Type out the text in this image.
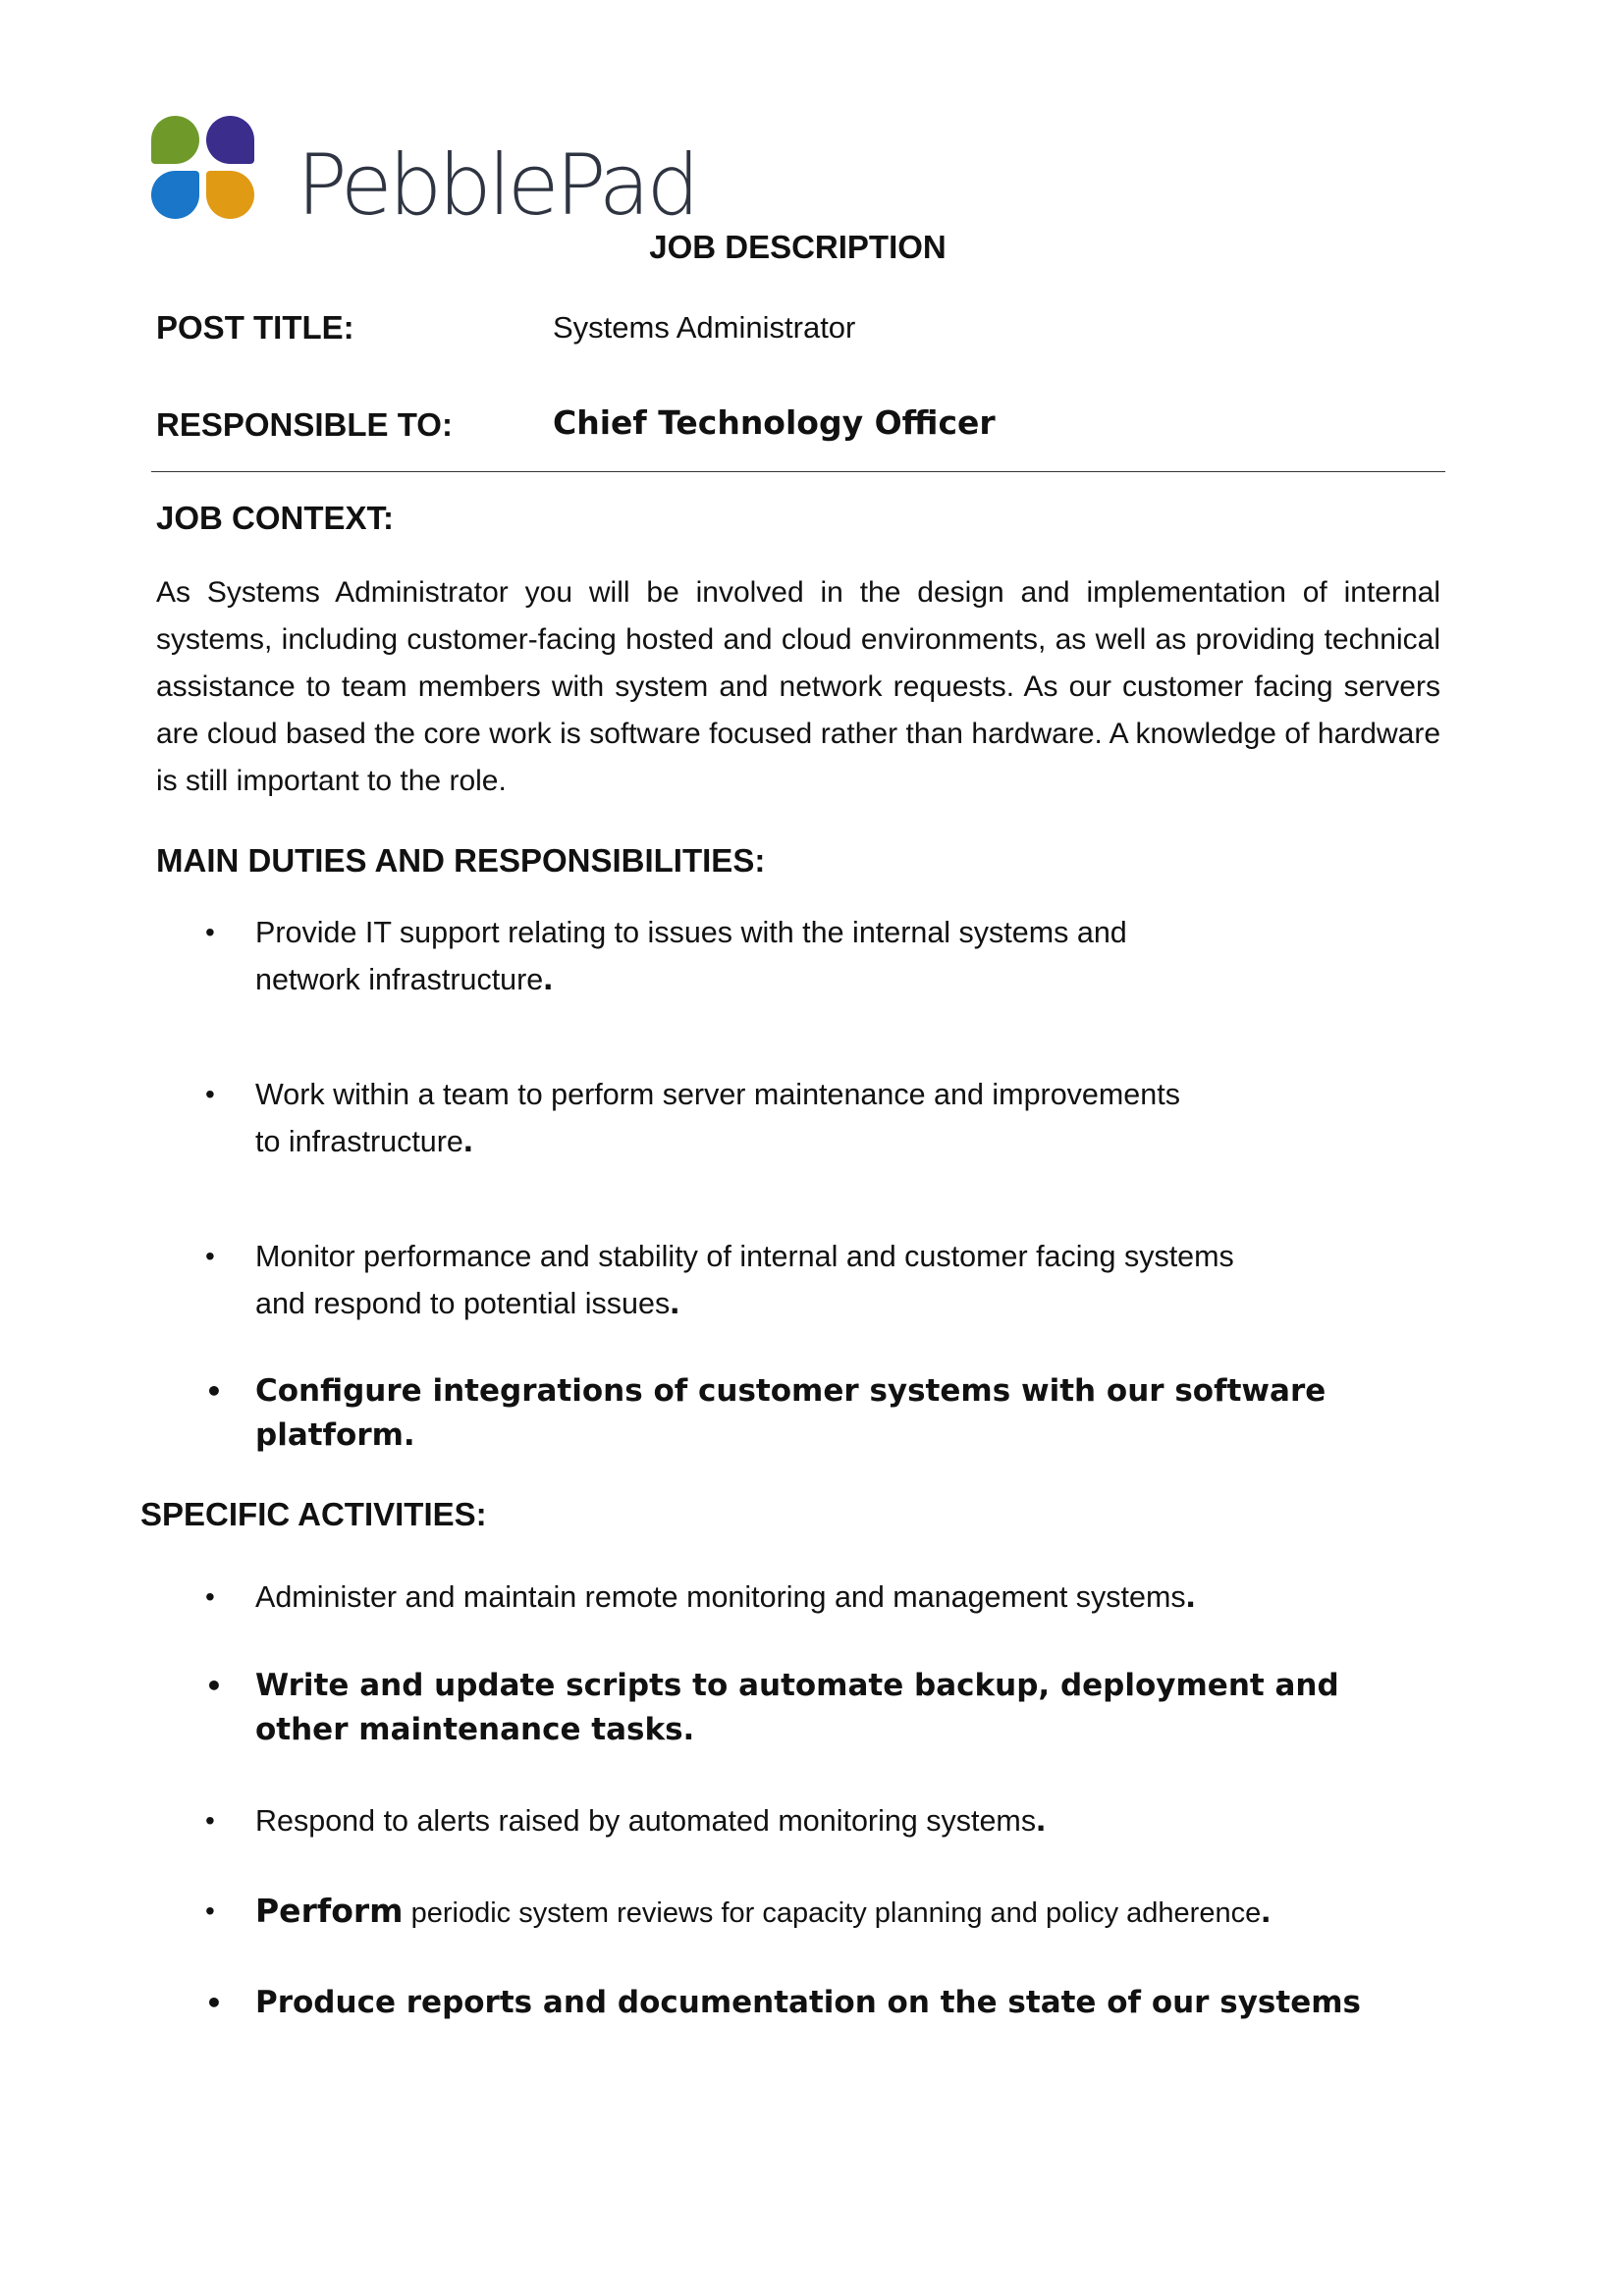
PebblePad
JOB DESCRIPTION
POST TITLE:	Systems Administrator
RESPONSIBLE TO:	Chief Technology Officer
JOB CONTEXT:
As Systems Administrator you will be involved in the design and implementation of internal systems, including customer-facing hosted and cloud environments, as well as providing technical assistance to team members with system and network requests. As our customer facing servers are cloud based the core work is software focused rather than hardware. A knowledge of hardware is still important to the role.
MAIN DUTIES AND RESPONSIBILITIES:
• Provide IT support relating to issues with the internal systems and
network infrastructure.
• Work within a team to perform server maintenance and improvements
to infrastructure.
• Monitor performance and stability of internal and customer facing systems
and respond to potential issues.
• Configure integrations of customer systems with our software platform.
SPECIFIC ACTIVITIES:
• Administer and maintain remote monitoring and management systems.
• Write and update scripts to automate backup, deployment and
other maintenance tasks.
• Respond to alerts raised by automated monitoring systems.
• Perform periodic system reviews for capacity planning and policy adherence.
• Produce reports and documentation on the state of our systems
